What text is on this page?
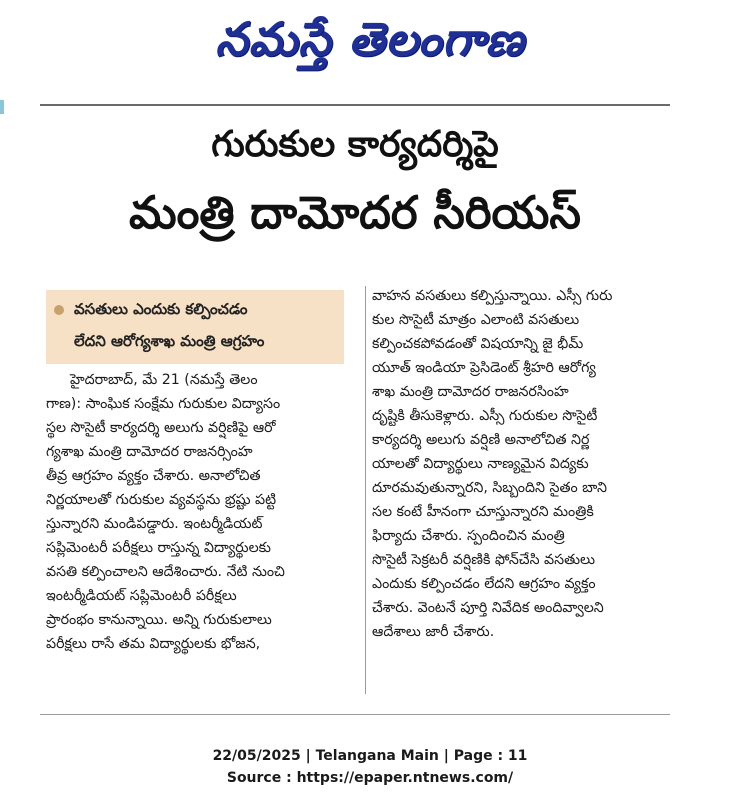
నమస్తే తెలంగాణ
గురుకుల కార్యదర్శిపై
మంత్రి దామోదర సీరియస్
వసతులు ఎందుకు కల్పించడం
లేదని ఆరోగ్యశాఖ మంత్రి ఆగ్రహం
హైదరాబాద్, మే 21 (నమస్తే తెలం
గాణ): సాంఘిక సంక్షేమ గురుకుల విద్యాసం
స్థల సొసైటీ కార్యదర్శి అలుగు వర్షిణిపై ఆరో
గ్యశాఖ మంత్రి దామోదర రాజనర్సింహ
తీవ్ర ఆగ్రహం వ్యక్తం చేశారు. అనాలోచిత
నిర్ణయాలతో గురుకుల వ్యవస్థను భ్రష్టు పట్టి
స్తున్నారని మండిపడ్డారు. ఇంటర్మీడియట్
సప్లిమెంటరీ పరీక్షలు రాస్తున్న విద్యార్థులకు
వసతి కల్పించాలని ఆదేశించారు. నేటి నుంచి
ఇంటర్మీడియట్ సప్లిమెంటరీ పరీక్షలు
ప్రారంభం కానున్నాయి. అన్ని గురుకులాలు
పరీక్షలు రాసే తమ విద్యార్థులకు భోజన,
వాహన వసతులు కల్పిస్తున్నాయి. ఎస్సీ గురు
కుల సొసైటీ మాత్రం ఎలాంటి వసతులు
కల్పించకపోవడంతో విషయాన్ని జై భీమ్
యూత్ ఇండియా ప్రెసిడెంట్ శ్రీహరి ఆరోగ్య
శాఖ మంత్రి దామోదర రాజనరసింహ
దృష్టికి తీసుకెళ్లారు. ఎస్సీ గురుకుల సొసైటీ
కార్యదర్శి అలుగు వర్షిణి అనాలోచిత నిర్ణ
యాలతో విద్యార్థులు నాణ్యమైన విద్యకు
దూరమవుతున్నారని, సిబ్బందిని సైతం బాని
సల కంటే హీనంగా చూస్తున్నారని మంత్రికి
ఫిర్యాదు చేశారు. స్పందించిన మంత్రి
సొసైటీ సెక్రటరీ వర్షిణికి ఫోన్‌చేసి వసతులు
ఎందుకు కల్పించడం లేదని ఆగ్రహం వ్యక్తం
చేశారు. వెంటనే పూర్తి నివేదిక అందివ్వాలని
ఆదేశాలు జారీ చేశారు.
22/05/2025 | Telangana Main | Page : 11
Source : https://epaper.ntnews.com/
